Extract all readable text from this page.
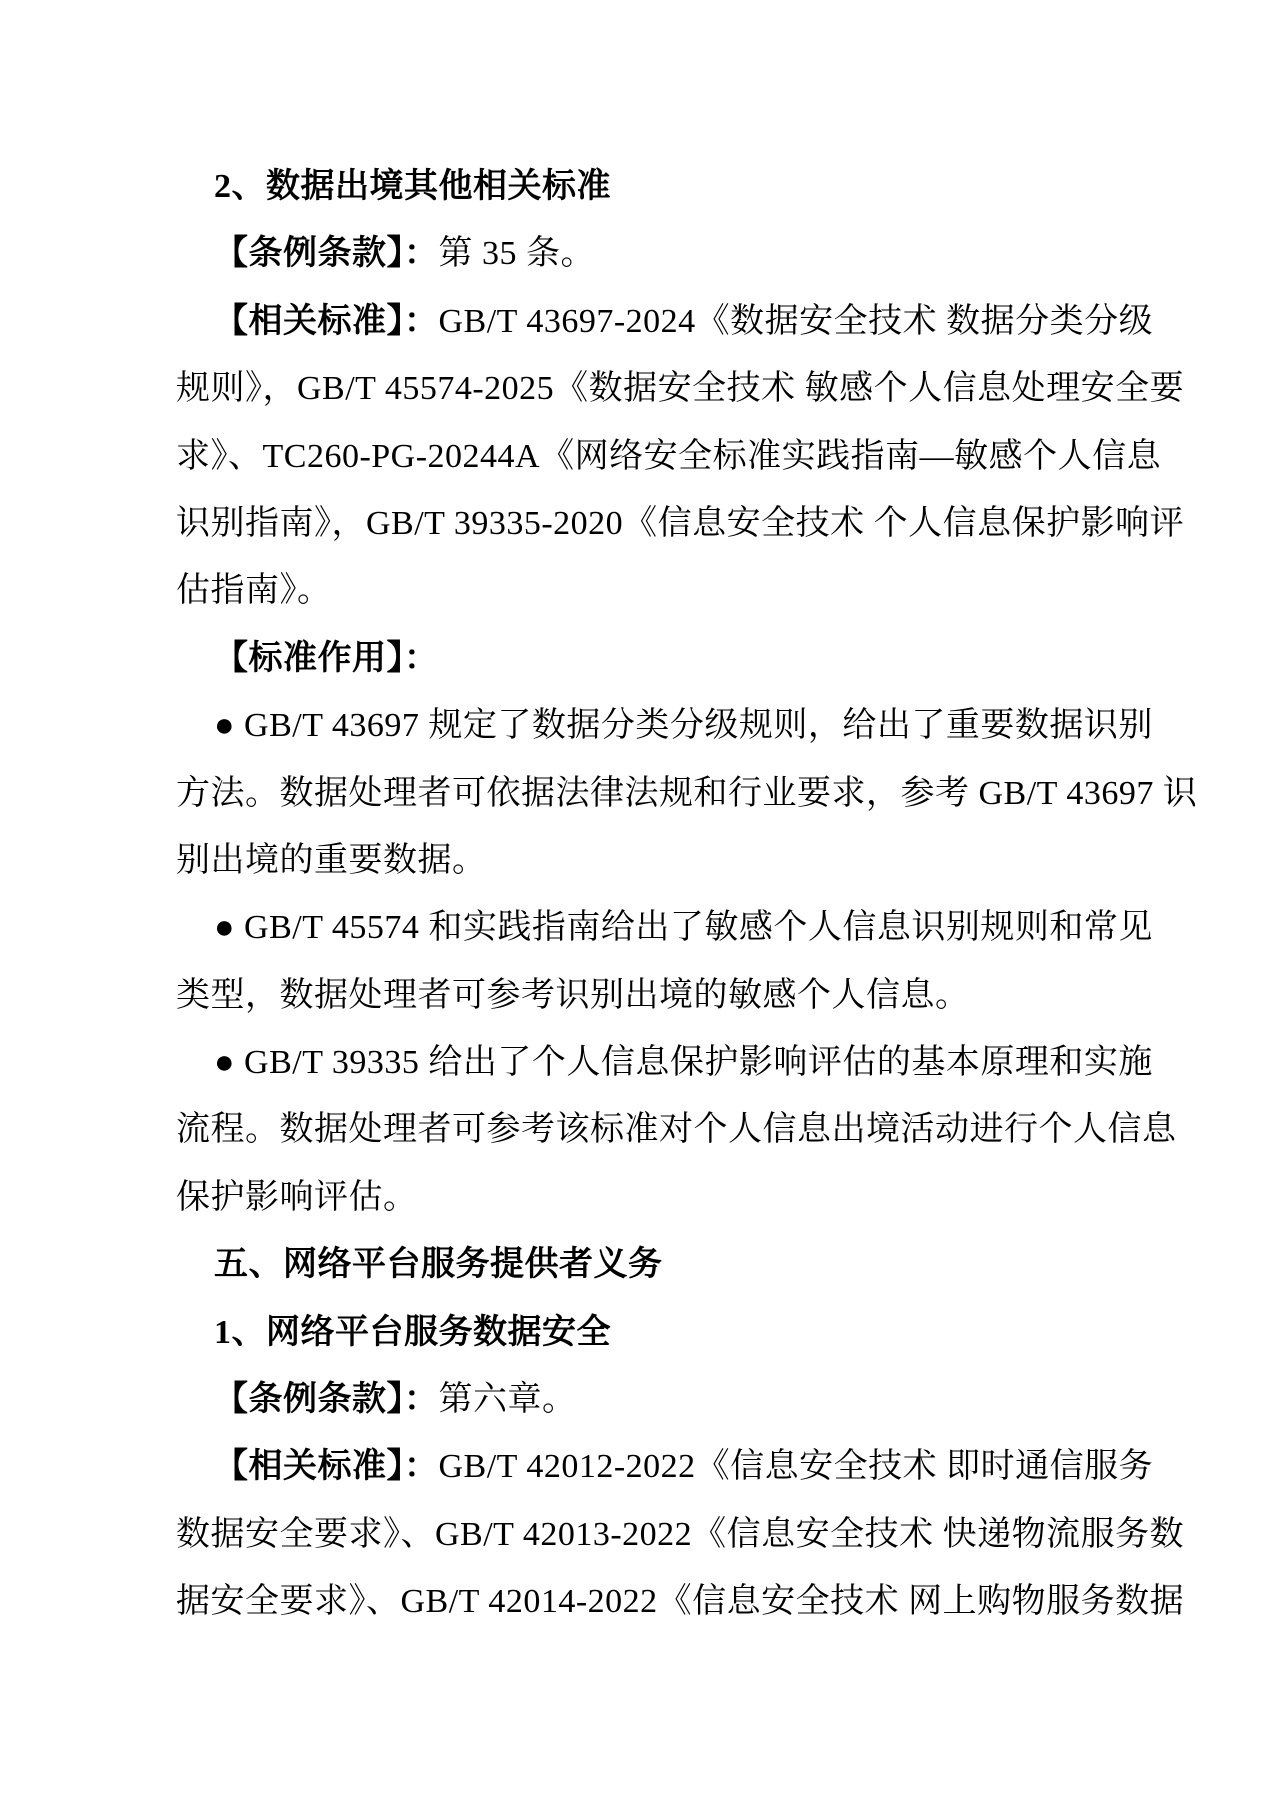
2、数据出境其他相关标准
【条例条款】：第 35 条。
【相关标准】：GB/T 43697-2024《数据安全技术 数据分类分级
规则》，GB/T 45574-2025《数据安全技术 敏感个人信息处理安全要
求》、TC260-PG-20244A《网络安全标准实践指南—敏感个人信息
识别指南》，GB/T 39335-2020《信息安全技术 个人信息保护影响评
估指南》。
【标准作用】：
● GB/T 43697 规定了数据分类分级规则，给出了重要数据识别
方法。数据处理者可依据法律法规和行业要求，参考 GB/T 43697 识
别出境的重要数据。
● GB/T 45574 和实践指南给出了敏感个人信息识别规则和常见
类型，数据处理者可参考识别出境的敏感个人信息。
● GB/T 39335 给出了个人信息保护影响评估的基本原理和实施
流程。数据处理者可参考该标准对个人信息出境活动进行个人信息
保护影响评估。
五、网络平台服务提供者义务
1、网络平台服务数据安全
【条例条款】：第六章。
【相关标准】：GB/T 42012-2022《信息安全技术 即时通信服务
数据安全要求》、GB/T 42013-2022《信息安全技术 快递物流服务数
据安全要求》、GB/T 42014-2022《信息安全技术 网上购物服务数据
